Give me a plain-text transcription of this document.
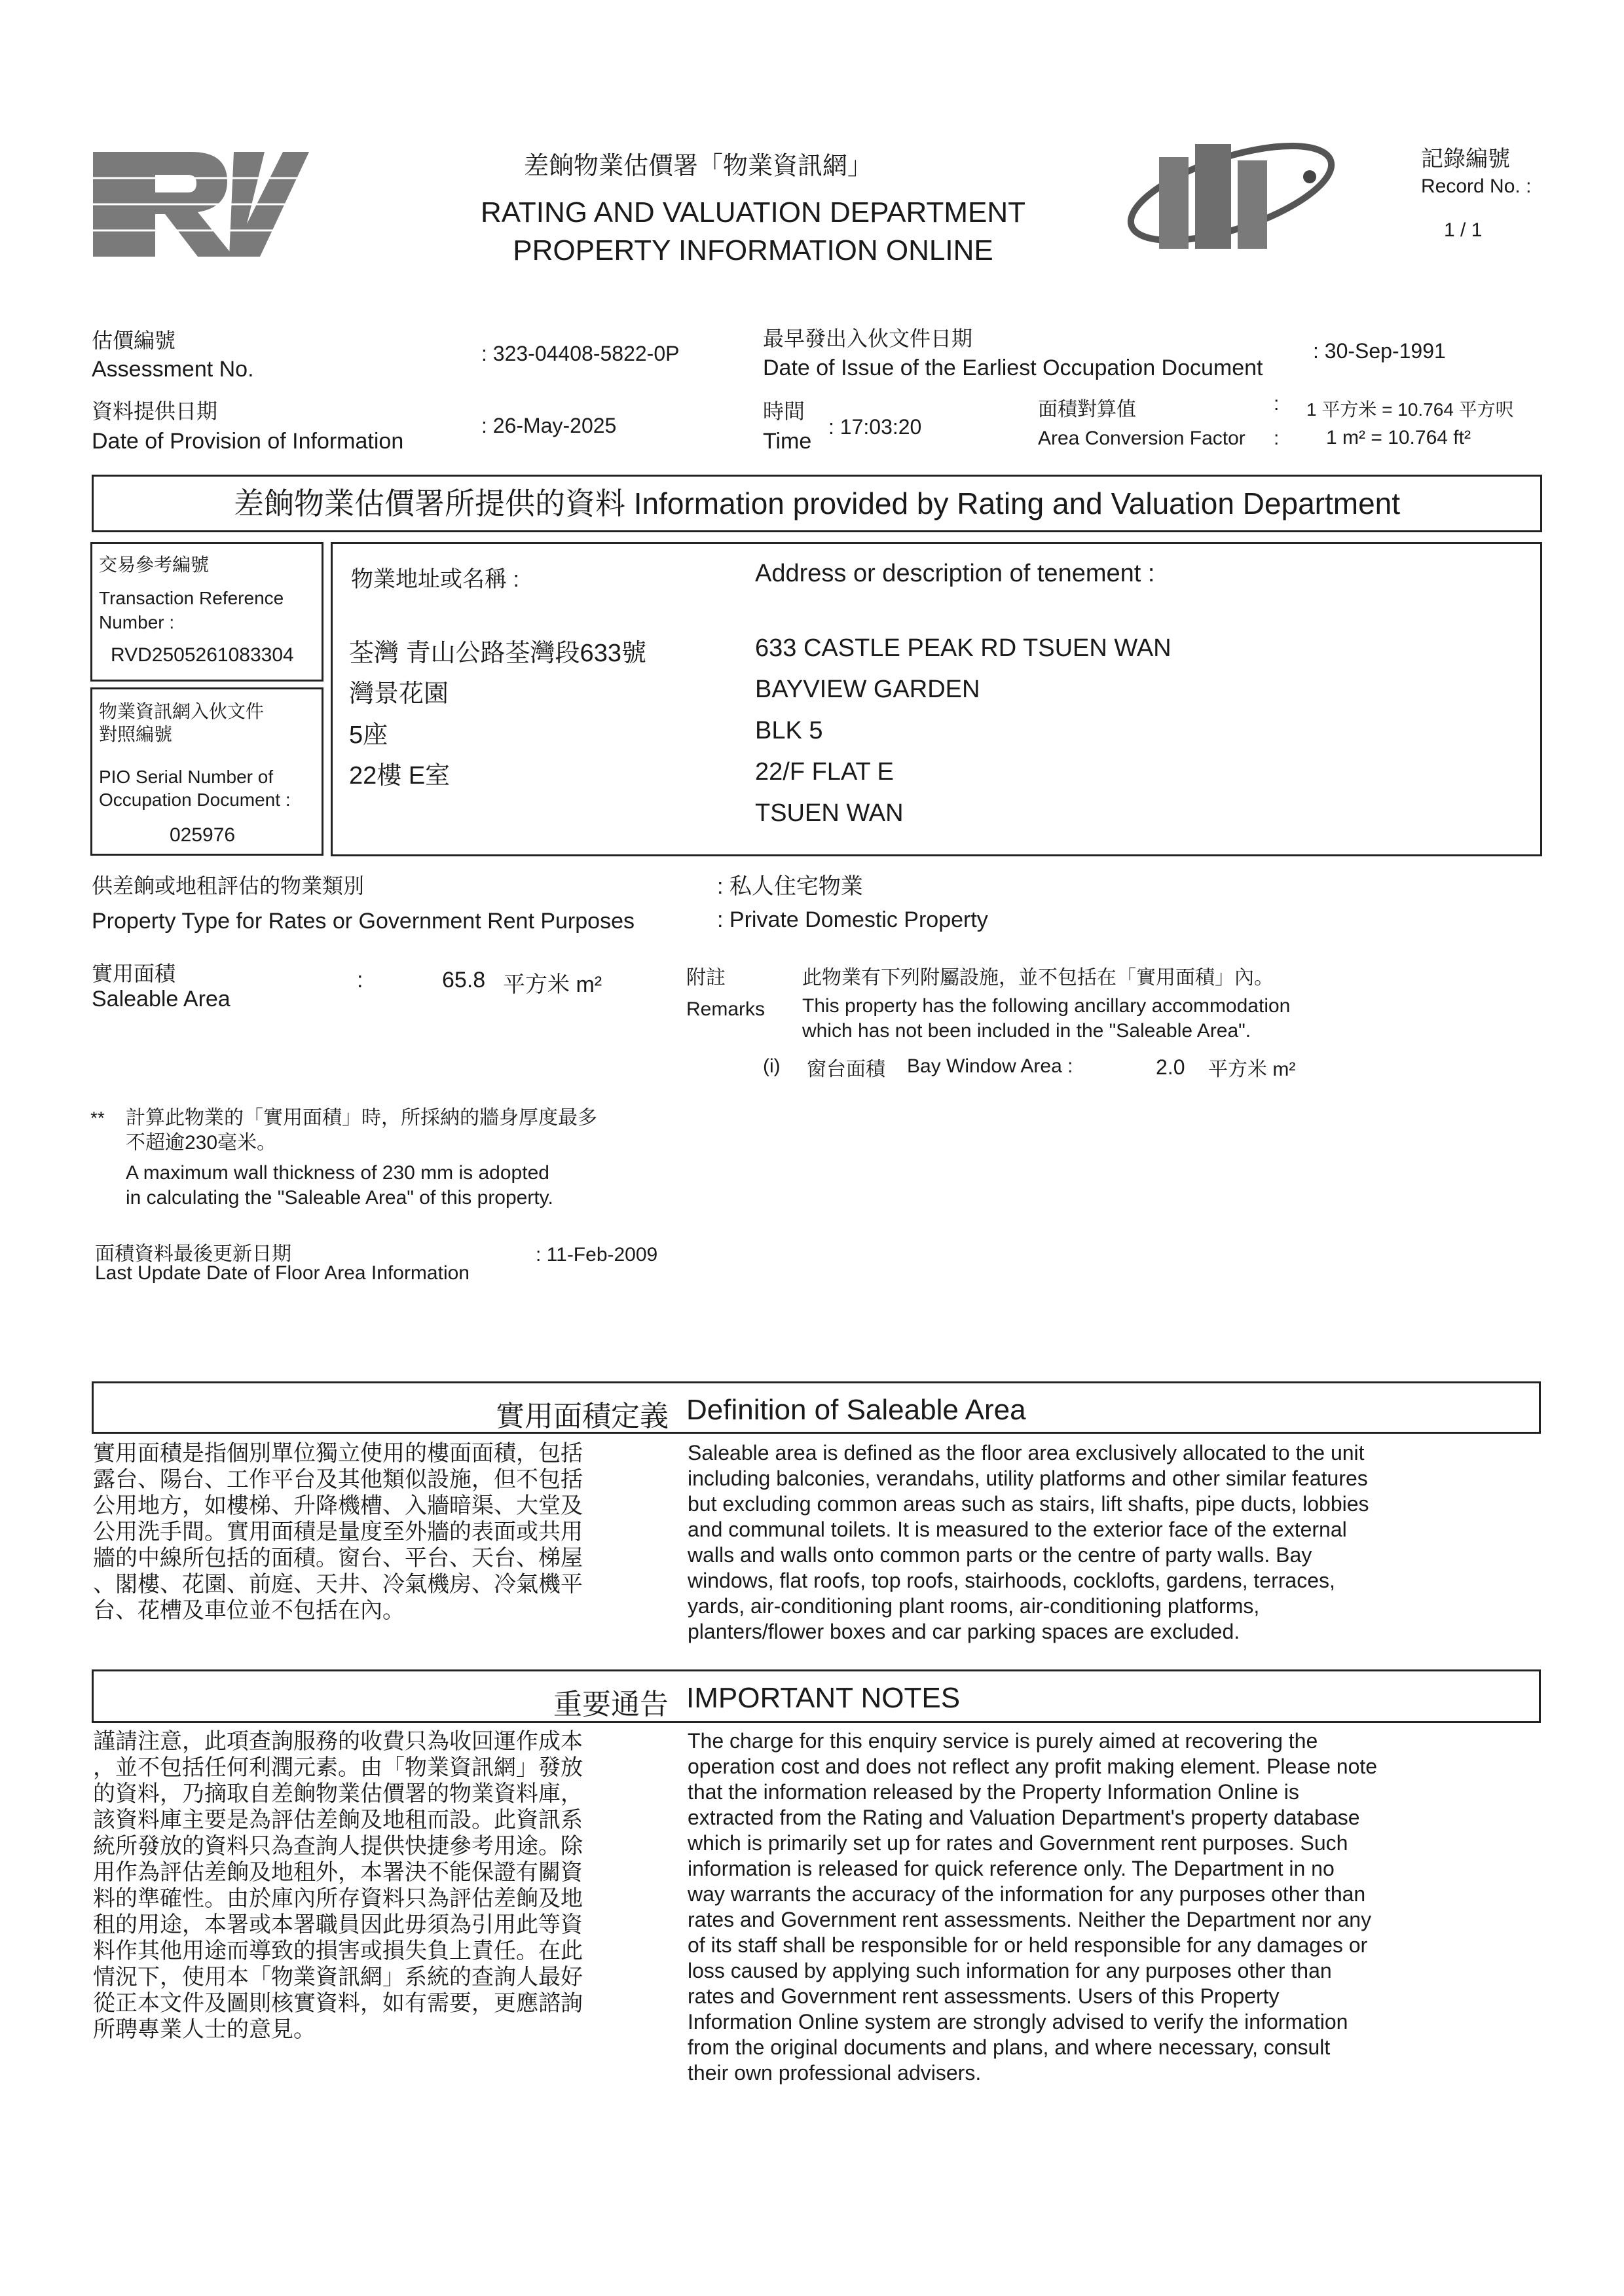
差餉物業估價署「物業資訊網」
RATING AND VALUATION DEPARTMENT
PROPERTY INFORMATION ONLINE
記錄編號
Record No. :
1 / 1
估價編號
Assessment No.
: 323-04408-5822-0P
資料提供日期
Date of Provision of Information
: 26-May-2025
最早發出入伙文件日期
Date of Issue of the Earliest Occupation Document
: 30-Sep-1991
時間
Time
: 17:03:20
面積對算值
Area Conversion Factor
:
:
1 平方米 = 10.764 平方呎
1 m² = 10.764 ft²
差餉物業估價署所提供的資料 Information provided by Rating and Valuation Department
交易參考編號
Transaction Reference
Number :
RVD2505261083304
物業資訊網入伙文件
對照編號
PIO Serial Number of
Occupation Document :
025976
物業地址或名稱 :	Address or description of tenement :
荃灣 青山公路荃灣段633號
灣景花園
5座
22樓 E室
633 CASTLE PEAK RD TSUEN WAN
BAYVIEW GARDEN
BLK 5
22/F FLAT E
TSUEN WAN
供差餉或地租評估的物業類別
Property Type for Rates or Government Rent Purposes
: 私人住宅物業
: Private Domestic Property
實用面積
Saleable Area
:	65.8 平方米 m²	附註
Remarks
此物業有下列附屬設施，並不包括在「實用面積」內。
This property has the following ancillary accommodation
which has not been included in the "Saleable Area".
(i) 窗台面積 Bay Window Area :	2.0 平方米 m²
** 計算此物業的「實用面積」時，所採納的牆身厚度最多
不超逾230毫米。
A maximum wall thickness of 230 mm is adopted
in calculating the "Saleable Area" of this property.
面積資料最後更新日期
Last Update Date of Floor Area Information
: 11-Feb-2009
實用面積定義 Definition of Saleable Area
實用面積是指個別單位獨立使用的樓面面積，包括
露台、陽台、工作平台及其他類似設施，但不包括
公用地方，如樓梯、升降機槽、入牆暗渠、大堂及
公用洗手間。實用面積是量度至外牆的表面或共用
牆的中線所包括的面積。窗台、平台、天台、梯屋
、閣樓、花園、前庭、天井、冷氣機房、冷氣機平
台、花槽及車位並不包括在內。
Saleable area is defined as the floor area exclusively allocated to the unit
including balconies, verandahs, utility platforms and other similar features
but excluding common areas such as stairs, lift shafts, pipe ducts, lobbies
and communal toilets. It is measured to the exterior face of the external
walls and walls onto common parts or the centre of party walls. Bay
windows, flat roofs, top roofs, stairhoods, cocklofts, gardens, terraces,
yards, air-conditioning plant rooms, air-conditioning platforms,
planters/flower boxes and car parking spaces are excluded.
重要通告 IMPORTANT NOTES
謹請注意，此項查詢服務的收費只為收回運作成本
，並不包括任何利潤元素。由「物業資訊網」發放
的資料，乃摘取自差餉物業估價署的物業資料庫，
該資料庫主要是為評估差餉及地租而設。此資訊系
統所發放的資料只為查詢人提供快捷參考用途。除
用作為評估差餉及地租外，本署決不能保證有關資
料的準確性。由於庫內所存資料只為評估差餉及地
租的用途，本署或本署職員因此毋須為引用此等資
料作其他用途而導致的損害或損失負上責任。在此
情況下，使用本「物業資訊網」系統的查詢人最好
從正本文件及圖則核實資料，如有需要，更應諮詢
所聘專業人士的意見。
The charge for this enquiry service is purely aimed at recovering the
operation cost and does not reflect any profit making element. Please note
that the information released by the Property Information Online is
extracted from the Rating and Valuation Department's property database
which is primarily set up for rates and Government rent purposes. Such
information is released for quick reference only. The Department in no
way warrants the accuracy of the information for any purposes other than
rates and Government rent assessments. Neither the Department nor any
of its staff shall be responsible for or held responsible for any damages or
loss caused by applying such information for any purposes other than
rates and Government rent assessments. Users of this Property
Information Online system are strongly advised to verify the information
from the original documents and plans, and where necessary, consult
their own professional advisers.
